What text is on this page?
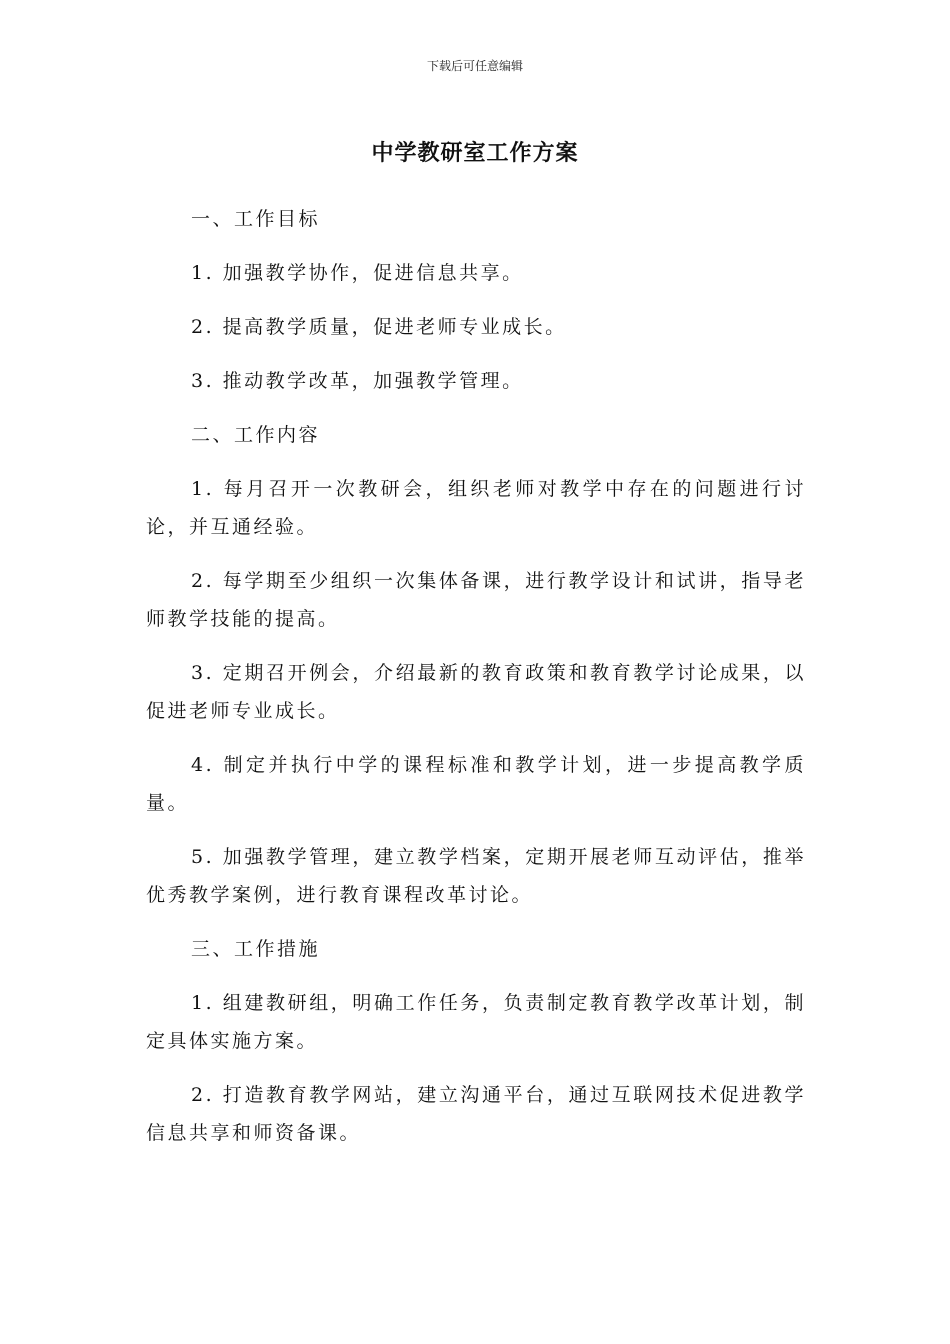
下载后可任意编辑
中学教研室工作方案

一、工作目标

1. 加强教学协作，促进信息共享。

2. 提高教学质量，促进老师专业成长。

3. 推动教学改革，加强教学管理。

二、工作内容

1. 每月召开一次教研会，组织老师对教学中存在的问题进行讨论，并互通经验。

2. 每学期至少组织一次集体备课，进行教学设计和试讲，指导老师教学技能的提高。

3. 定期召开例会，介绍最新的教育政策和教育教学讨论成果，以促进老师专业成长。

4. 制定并执行中学的课程标准和教学计划，进一步提高教学质量。

5. 加强教学管理，建立教学档案，定期开展老师互动评估，推举优秀教学案例，进行教育课程改革讨论。

三、工作措施

1. 组建教研组，明确工作任务，负责制定教育教学改革计划，制定具体实施方案。

2. 打造教育教学网站，建立沟通平台，通过互联网技术促进教学信息共享和师资备课。
